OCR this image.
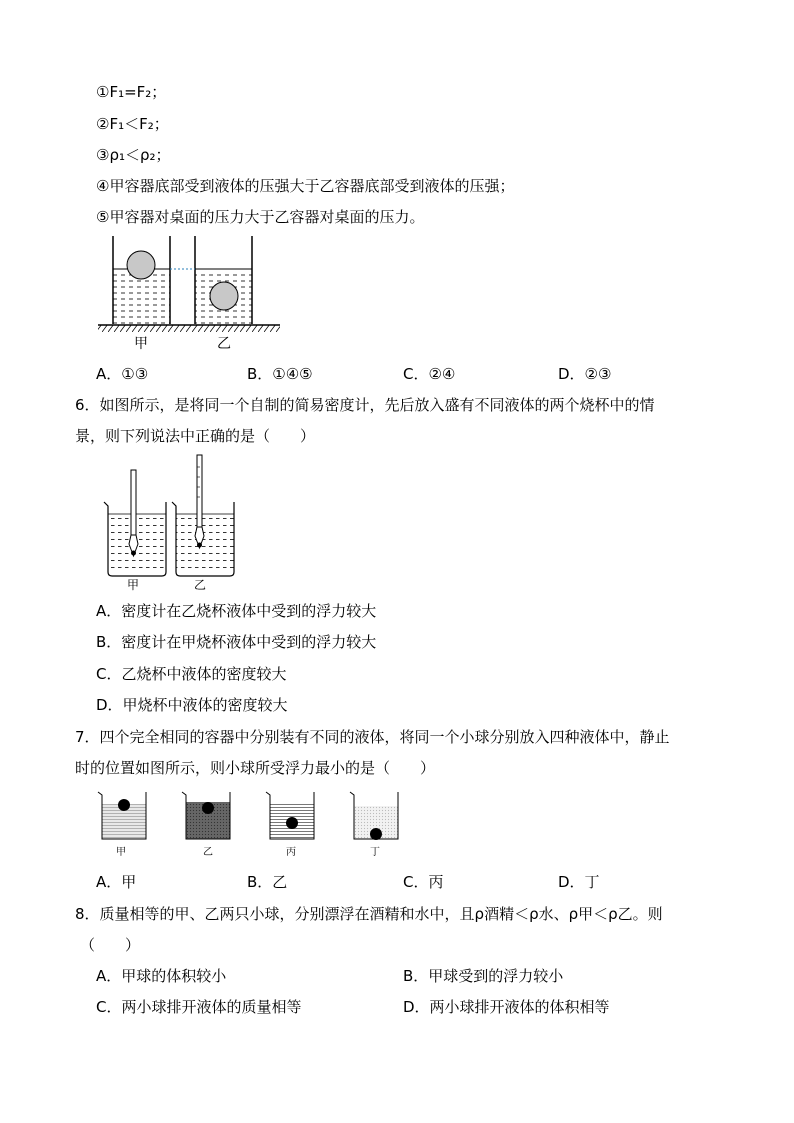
①F₁=F₂；
②F₁＜F₂；
③ρ₁＜ρ₂；
④甲容器底部受到液体的压强大于乙容器底部受到液体的压强；
⑤甲容器对桌面的压力大于乙容器对桌面的压力。
甲	乙
A．①③	B．①④⑤	C．②④	D．②③
6．如图所示，是将同一个自制的简易密度计，先后放入盛有不同液体的两个烧杯中的情
景，则下列说法中正确的是（　　）
甲	乙
A．密度计在乙烧杯液体中受到的浮力较大
B．密度计在甲烧杯液体中受到的浮力较大
C．乙烧杯中液体的密度较大
D．甲烧杯中液体的密度较大
7．四个完全相同的容器中分别装有不同的液体，将同一个小球分别放入四种液体中，静止
时的位置如图所示，则小球所受浮力最小的是（　　）
甲	乙	丙	丁
A．甲	B．乙	C．丙	D．丁
8．质量相等的甲、乙两只小球，分别漂浮在酒精和水中，且ρ酒精＜ρ水、ρ甲＜ρ乙。则
（　　）
A．甲球的体积较小	B．甲球受到的浮力较小
C．两小球排开液体的质量相等	D．两小球排开液体的体积相等
